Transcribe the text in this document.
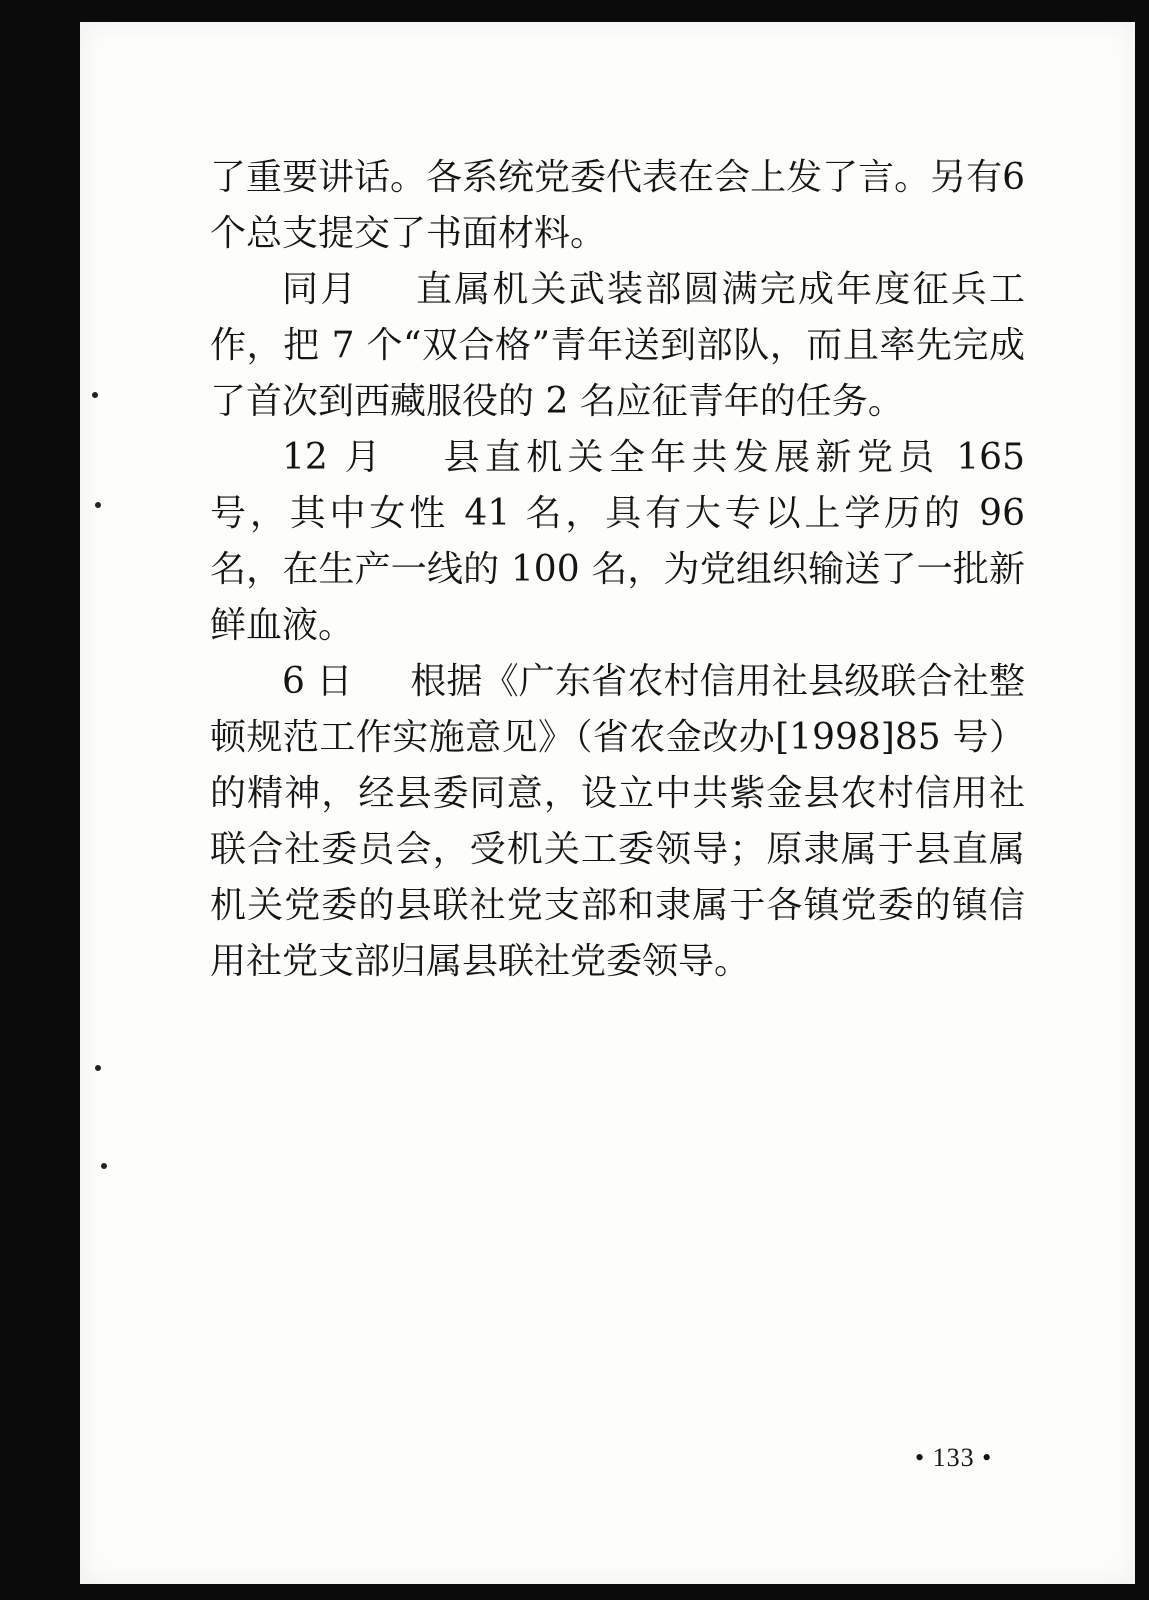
了重要讲话。各系统党委代表在会上发了言。另有6个总支提交了书面材料。

同月 直属机关武装部圆满完成年度征兵工作，把 7 个“双合格”青年送到部队，而且率先完成了首次到西藏服役的 2 名应征青年的任务。

12 月 县直机关全年共发展新党员 165 号，其中女性 41 名，具有大专以上学历的 96 名，在生产一线的 100 名，为党组织输送了一批新鲜血液。

6 日 根据《广东省农村信用社县级联合社整顿规范工作实施意见》（省农金改办[1998]85 号）的精神，经县委同意，设立中共紫金县农村信用社联合社委员会，受机关工委领导；原隶属于县直属机关党委的县联社党支部和隶属于各镇党委的镇信用社党支部归属县联社党委领导。

• 133 •
